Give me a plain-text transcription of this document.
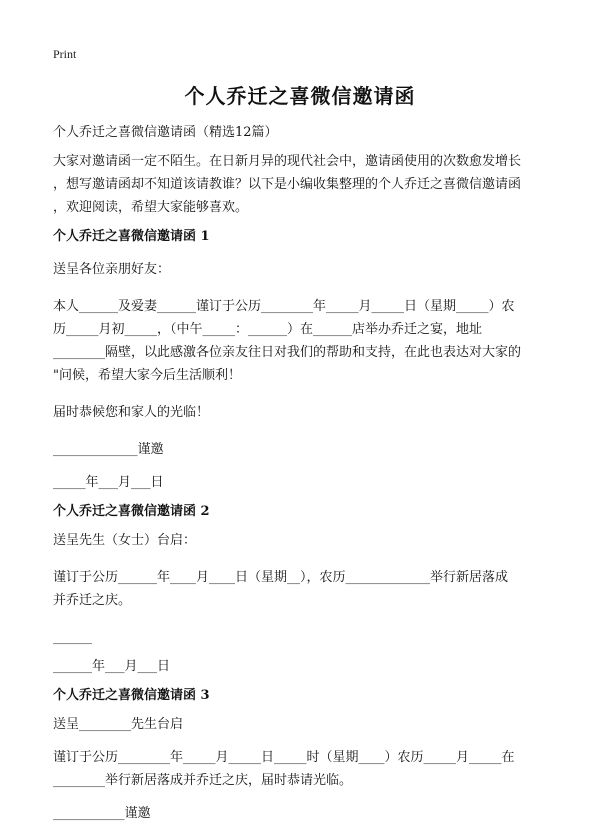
Print
个人乔迁之喜微信邀请函

个人乔迁之喜微信邀请函（精选12篇）

大家对邀请函一定不陌生。在日新月异的现代社会中，邀请函使用的次数愈发增长

，想写邀请函却不知道该请教谁？以下是小编收集整理的个人乔迁之喜微信邀请函

，欢迎阅读，希望大家能够喜欢。

个人乔迁之喜微信邀请函 1

送呈各位亲朋好友：

本人______及爱妻______谨订于公历________年_____月_____日（星期_____）农

历_____月初_____，（中午_____：______）在______店举办乔迁之宴，地址

________隔壁，以此感激各位亲友往日对我们的帮助和支持，在此也表达对大家的

"问候，希望大家今后生活顺利！

届时恭候您和家人的光临！

_____________谨邀

_____年___月___日

个人乔迁之喜微信邀请函 2

送呈先生（女士）台启：

谨订于公历______年____月____日（星期__），农历_____________举行新居落成

并乔迁之庆。

______

______年___月___日

个人乔迁之喜微信邀请函 3

送呈________先生台启

谨订于公历________年_____月_____日_____时（星期____）农历_____月_____在

________举行新居落成并乔迁之庆，届时恭请光临。

___________谨邀
